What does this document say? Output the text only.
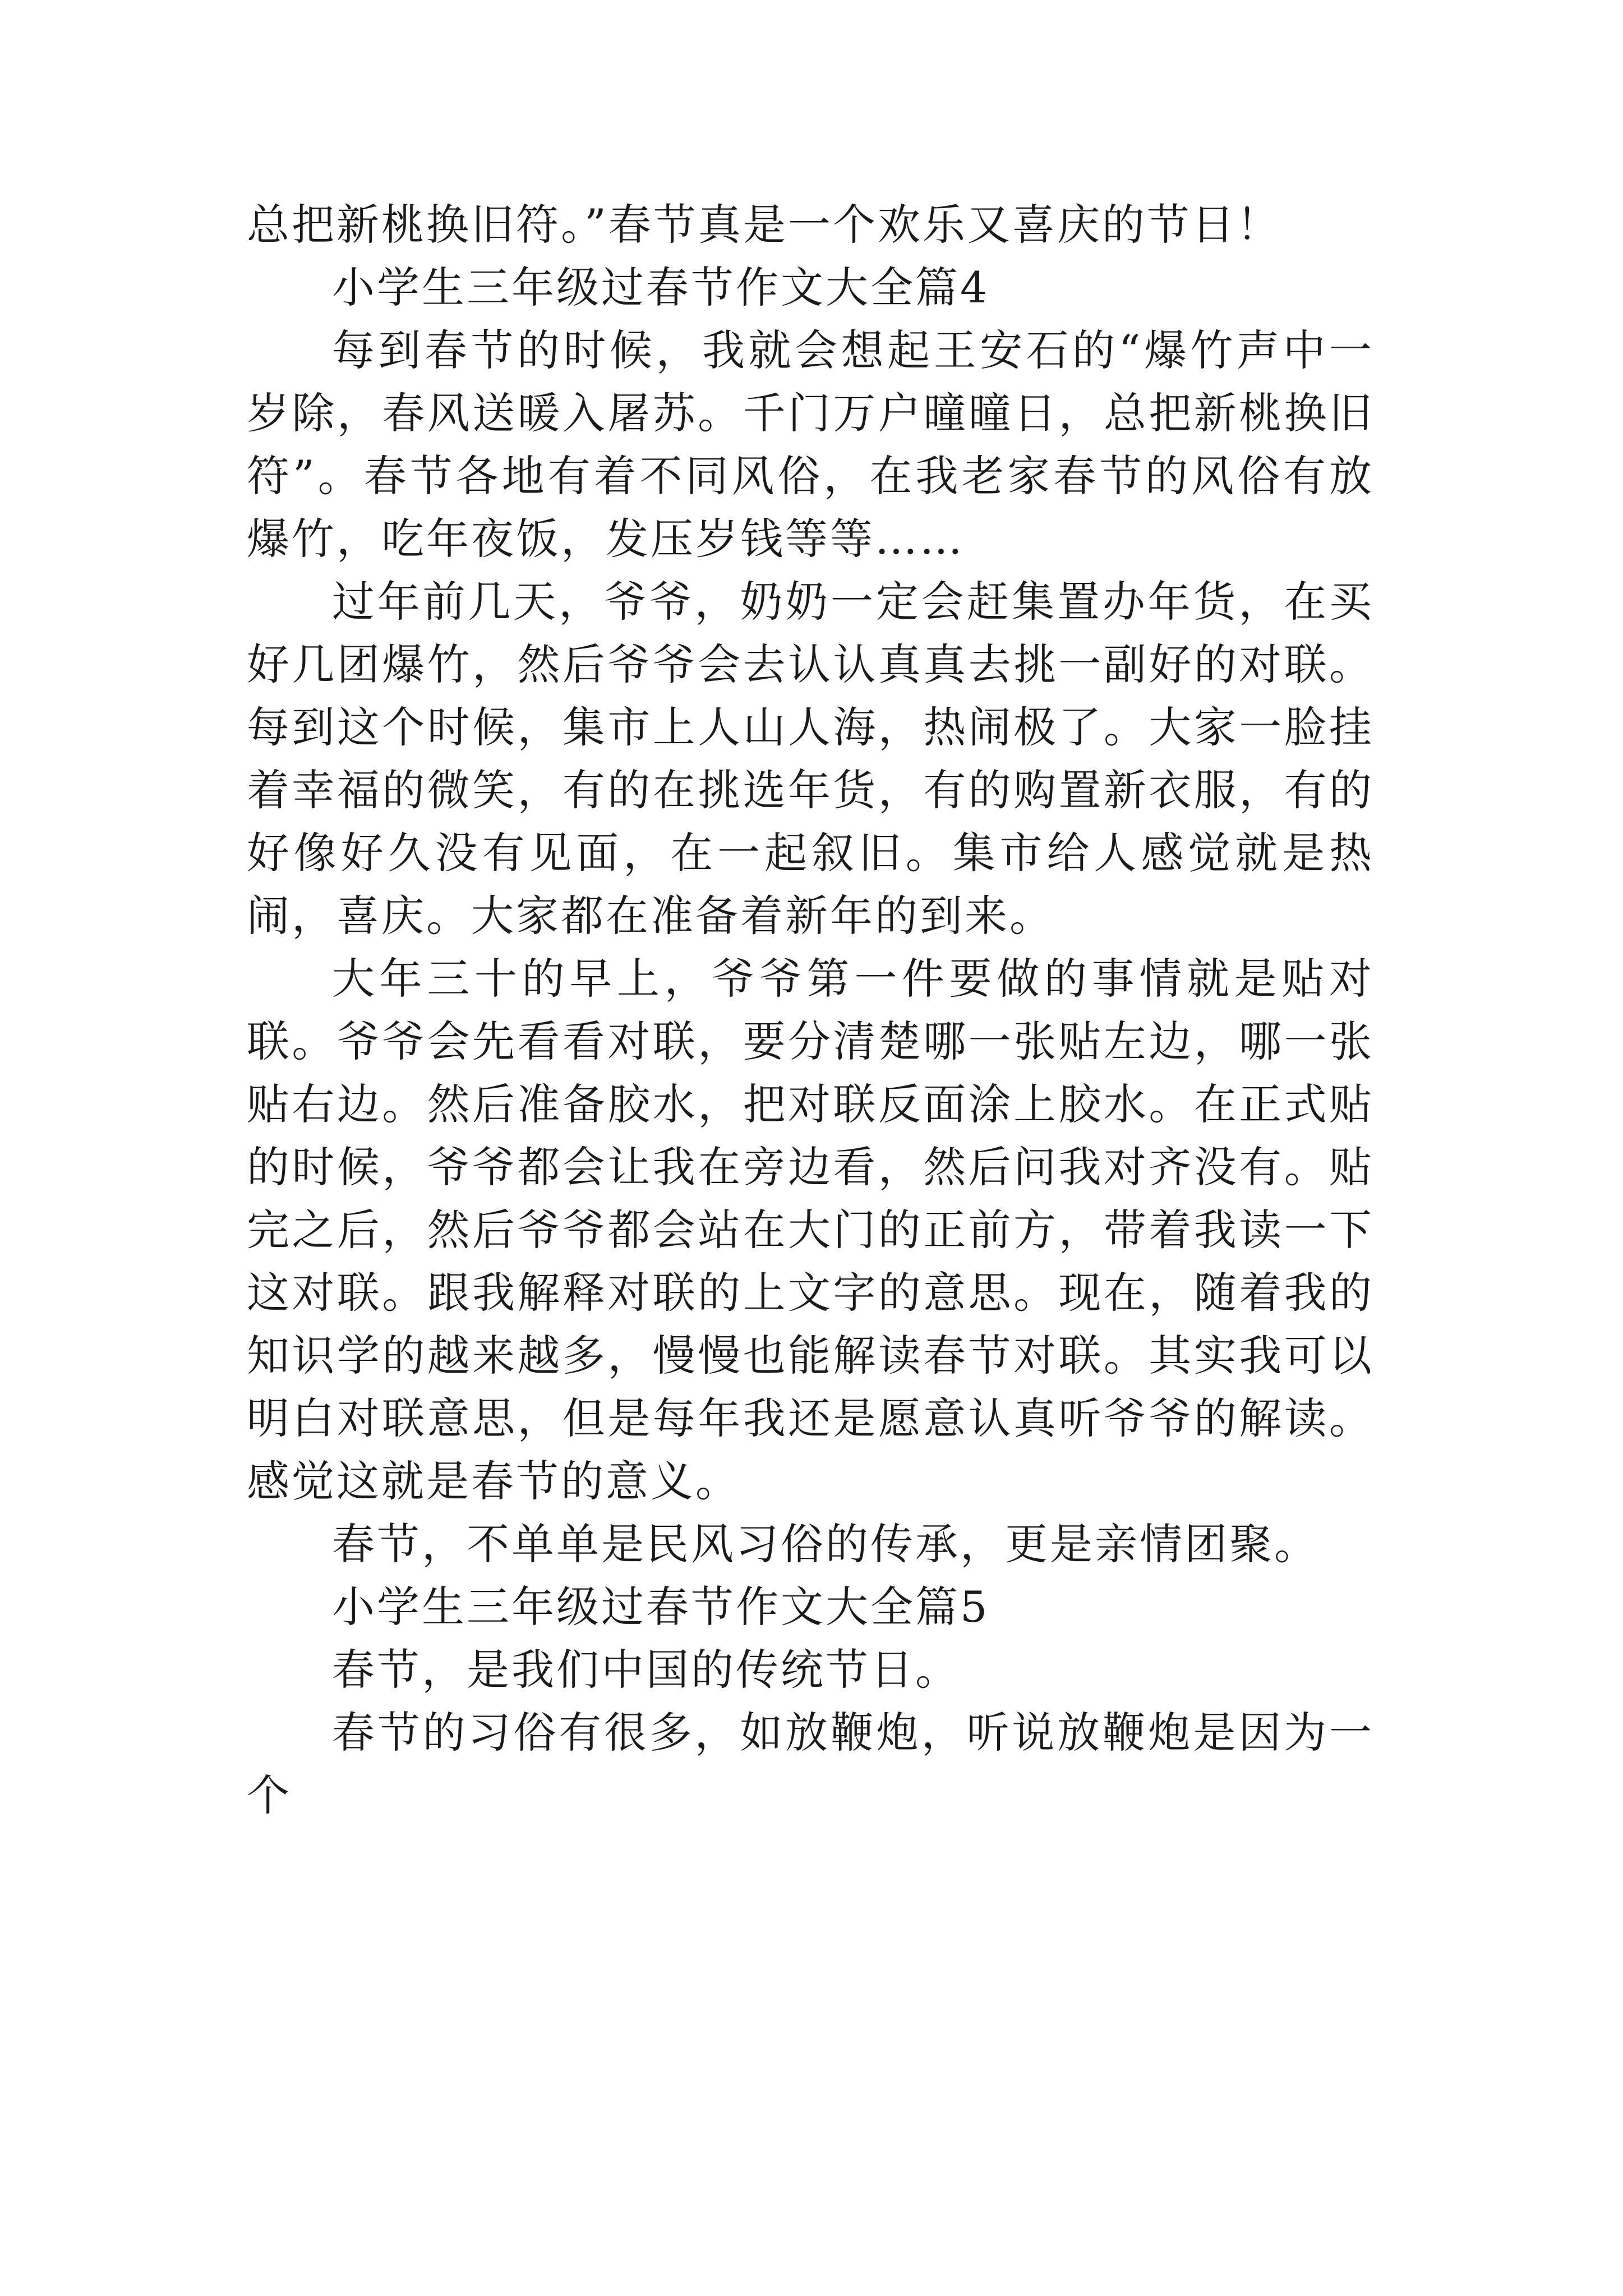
总把新桃换旧符。”春节真是一个欢乐又喜庆的节日！

小学生三年级过春节作文大全篇4

每到春节的时候，我就会想起王安石的“爆竹声中一岁除，春风送暖入屠苏。千门万户曈曈日，总把新桃换旧符”。春节各地有着不同风俗，在我老家春节的风俗有放爆竹，吃年夜饭，发压岁钱等等……

过年前几天，爷爷，奶奶一定会赶集置办年货，在买好几团爆竹，然后爷爷会去认认真真去挑一副好的对联。每到这个时候，集市上人山人海，热闹极了。大家一脸挂着幸福的微笑，有的在挑选年货，有的购置新衣服，有的好像好久没有见面，在一起叙旧。集市给人感觉就是热闹，喜庆。大家都在准备着新年的到来。

大年三十的早上，爷爷第一件要做的事情就是贴对联。爷爷会先看看对联，要分清楚哪一张贴左边，哪一张贴右边。然后准备胶水，把对联反面涂上胶水。在正式贴的时候，爷爷都会让我在旁边看，然后问我对齐没有。贴完之后，然后爷爷都会站在大门的正前方，带着我读一下这对联。跟我解释对联的上文字的意思。现在，随着我的知识学的越来越多，慢慢也能解读春节对联。其实我可以明白对联意思，但是每年我还是愿意认真听爷爷的解读。感觉这就是春节的意义。

春节，不单单是民风习俗的传承，更是亲情团聚。

小学生三年级过春节作文大全篇5

春节，是我们中国的传统节日。

春节的习俗有很多，如放鞭炮，听说放鞭炮是因为一个
